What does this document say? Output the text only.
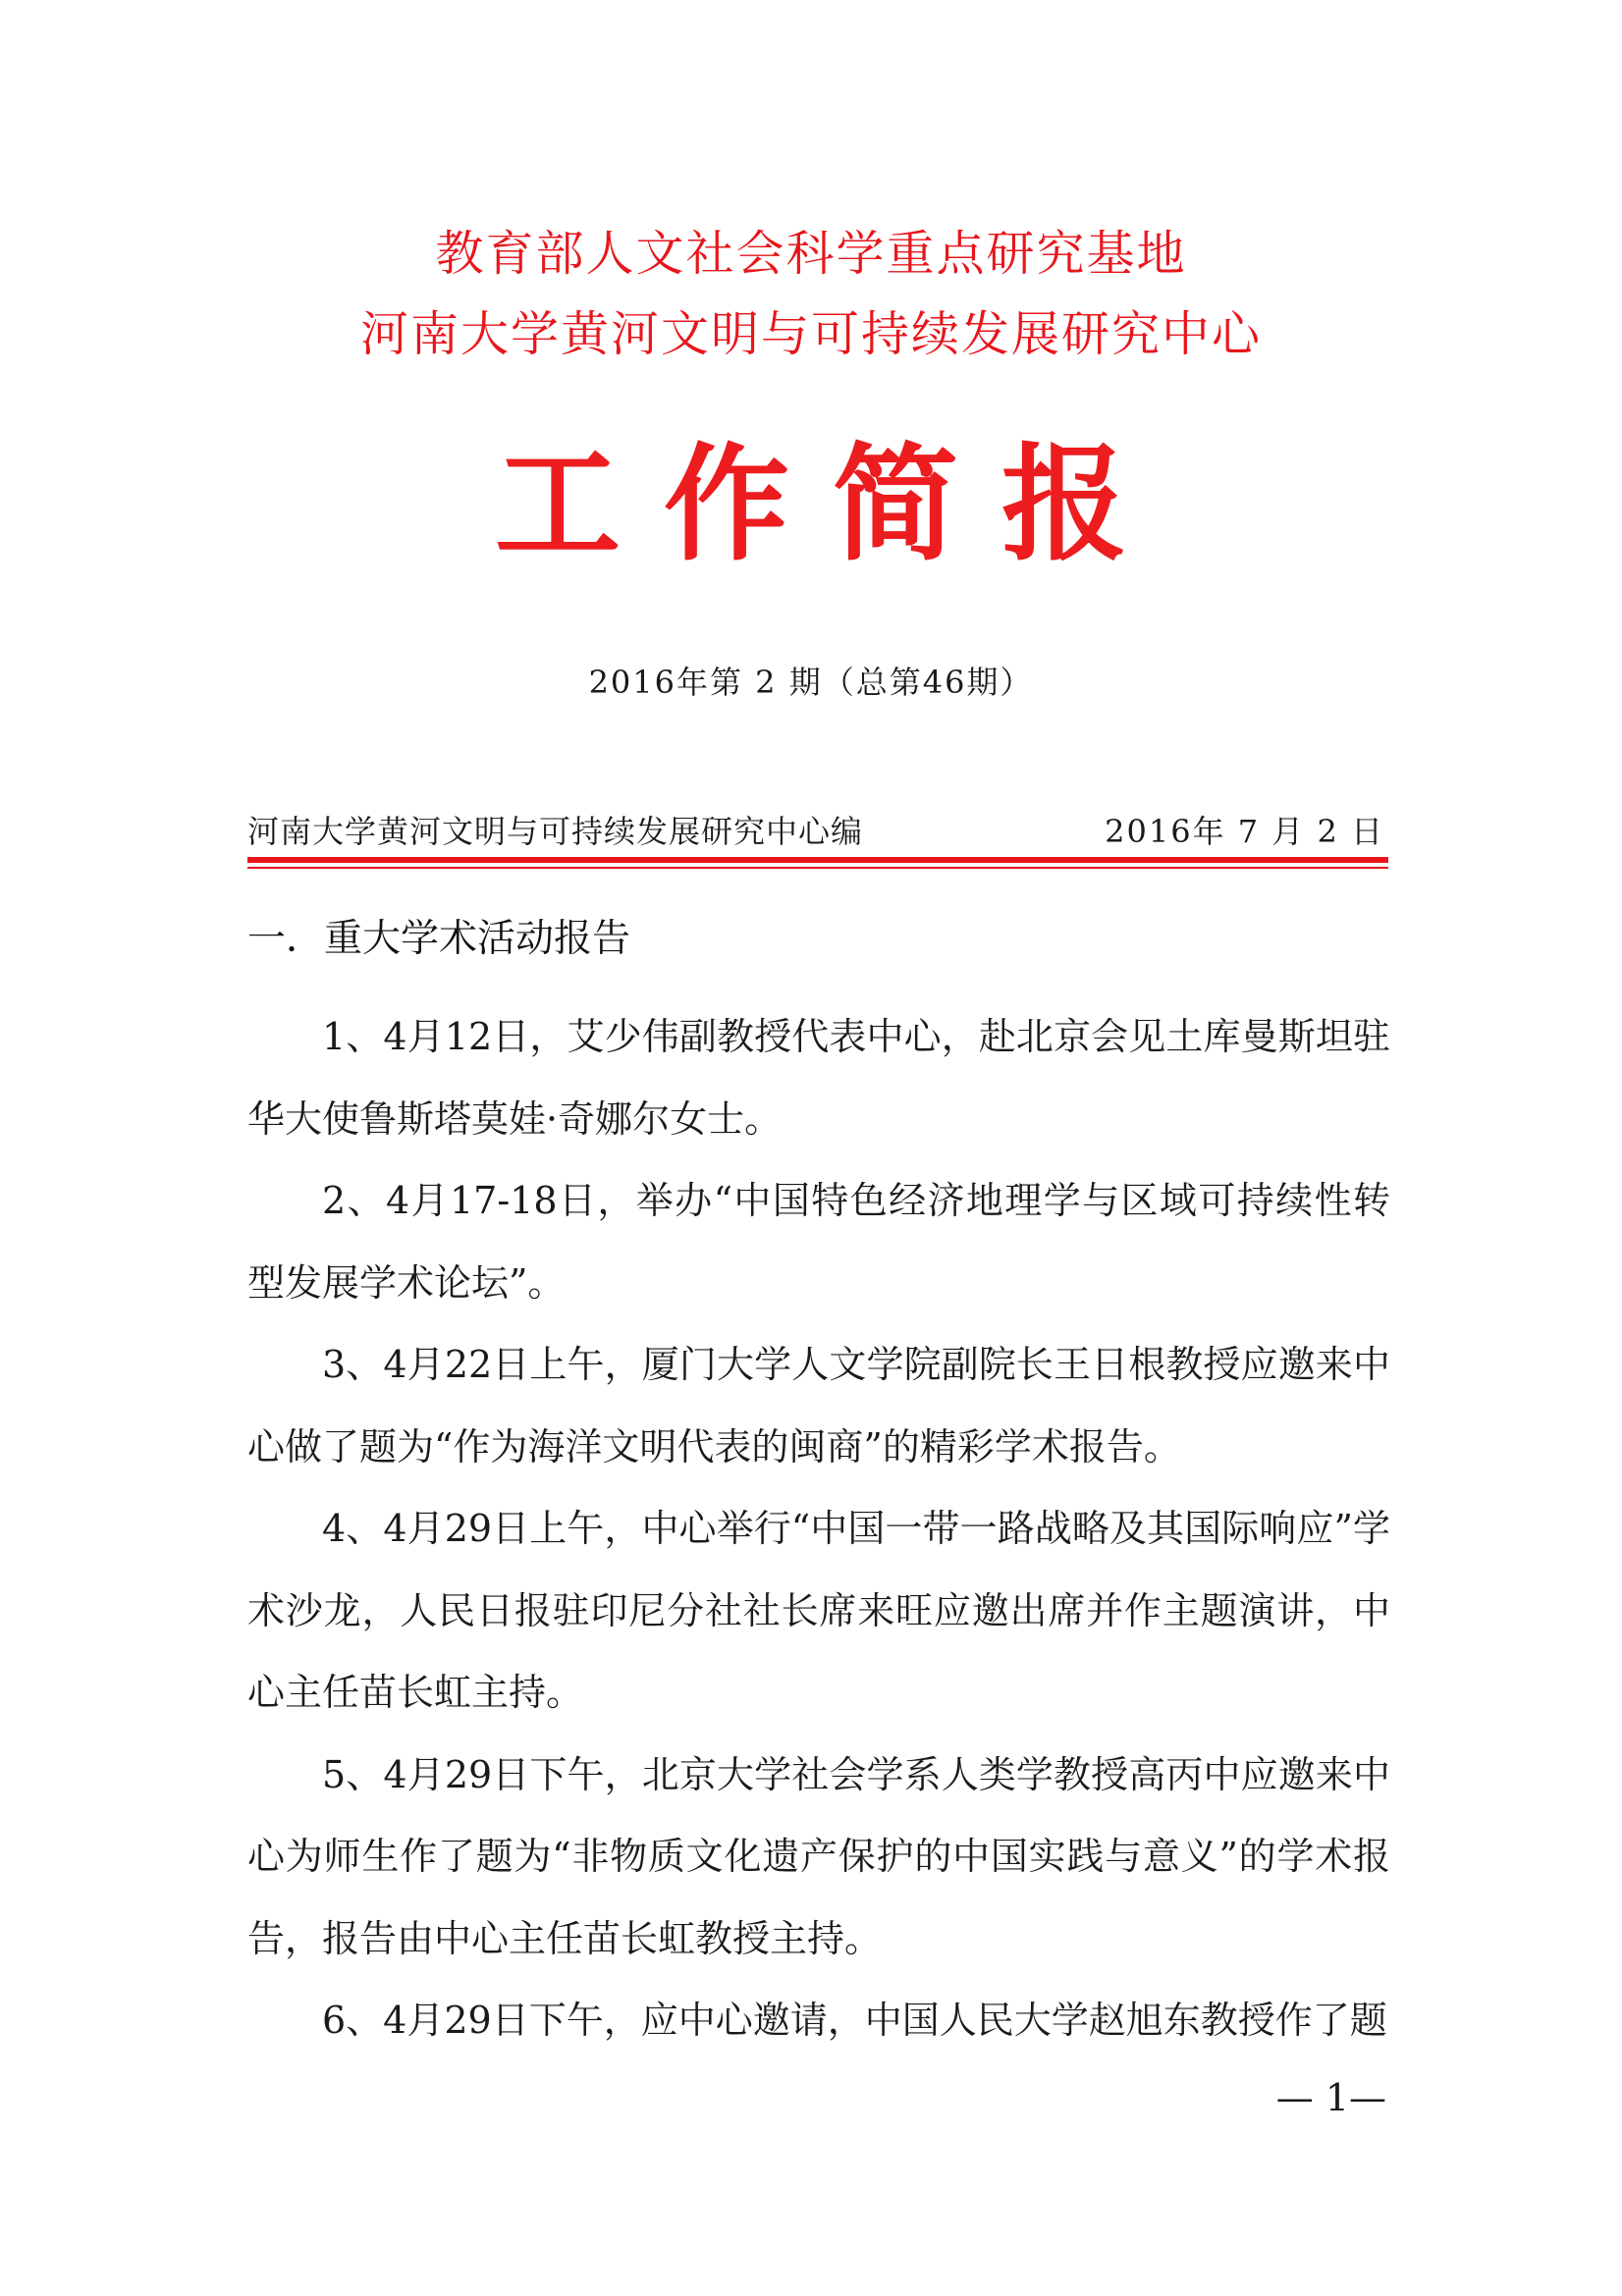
教育部人文社会科学重点研究基地
河南大学黄河文明与可持续发展研究中心
工作简报
2016年第 2 期（总第46期）
河南大学黄河文明与可持续发展研究中心编	2016年 7 月 2 日
一．重大学术活动报告

1、4月12日，艾少伟副教授代表中心，赴北京会见土库曼斯坦驻华大使鲁斯塔莫娃·奇娜尔女士。

2、4月17-18日，举办“中国特色经济地理学与区域可持续性转型发展学术论坛”。

3、4月22日上午，厦门大学人文学院副院长王日根教授应邀来中心做了题为“作为海洋文明代表的闽商”的精彩学术报告。

4、4月29日上午，中心举行“中国一带一路战略及其国际响应”学术沙龙，人民日报驻印尼分社社长席来旺应邀出席并作主题演讲，中心主任苗长虹主持。

5、4月29日下午，北京大学社会学系人类学教授高丙中应邀来中心为师生作了题为“非物质文化遗产保护的中国实践与意义”的学术报告，报告由中心主任苗长虹教授主持。

6、4月29日下午，应中心邀请，中国人民大学赵旭东教授作了题

— 1—
